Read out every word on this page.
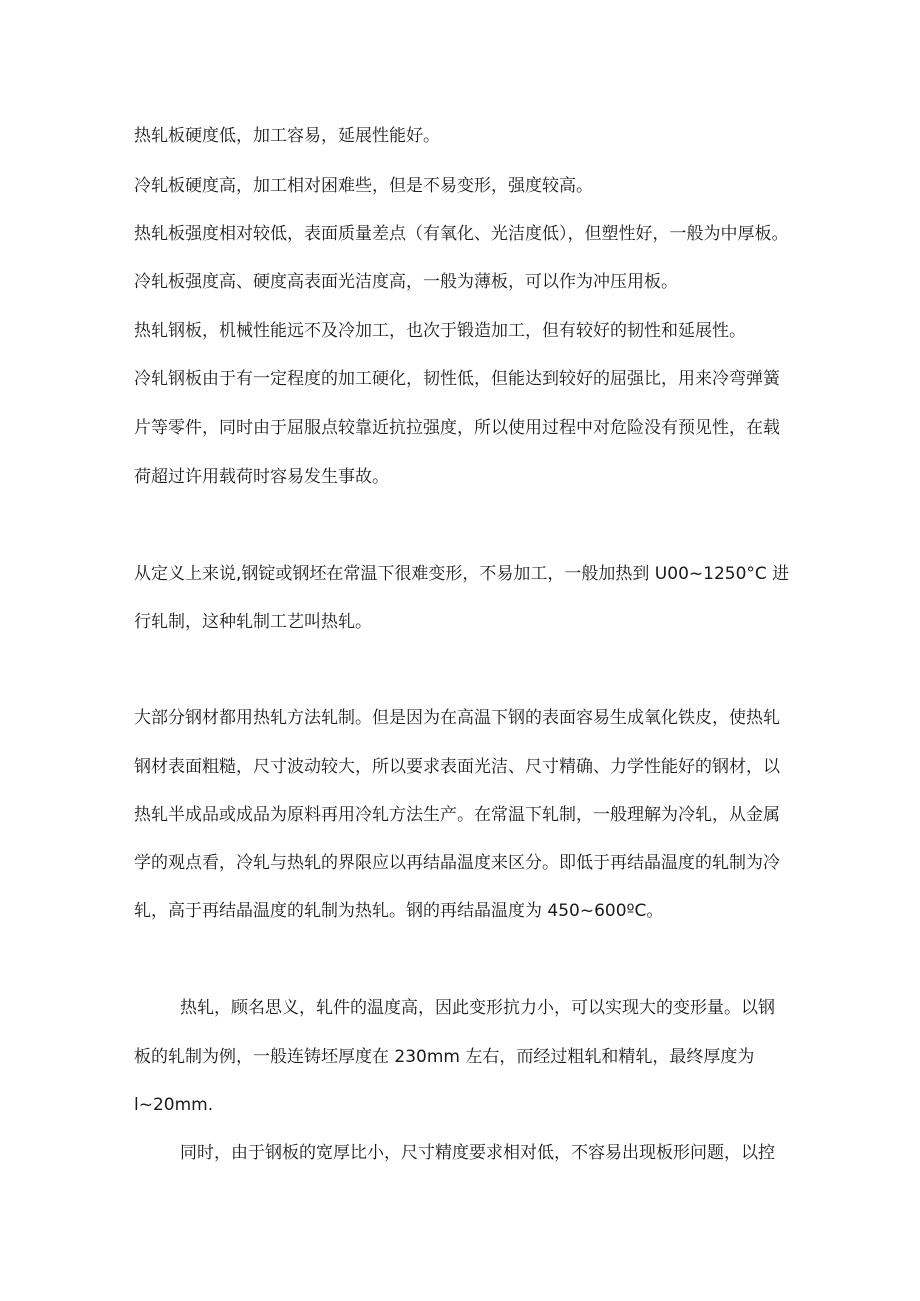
热轧板硬度低，加工容易，延展性能好。

冷轧板硬度高，加工相对困难些，但是不易变形，强度较高。

热轧板强度相对较低，表面质量差点（有氧化、光洁度低），但塑性好，一般为中厚板。

冷轧板强度高、硬度高表面光洁度高，一般为薄板，可以作为冲压用板。

热轧钢板，机械性能远不及冷加工，也次于锻造加工，但有较好的韧性和延展性。

冷轧钢板由于有一定程度的加工硬化，韧性低，但能达到较好的屈强比，用来冷弯弹簧

片等零件，同时由于屈服点较靠近抗拉强度，所以使用过程中对危险没有预见性，在载

荷超过许用载荷时容易发生事故。

从定义上来说,钢锭或钢坯在常温下很难变形，不易加工，一般加热到 U00~1250°C 进

行轧制，这种轧制工艺叫热轧。

大部分钢材都用热轧方法轧制。但是因为在高温下钢的表面容易生成氧化铁皮，使热轧

钢材表面粗糙，尺寸波动较大，所以要求表面光洁、尺寸精确、力学性能好的钢材，以

热轧半成品或成品为原料再用冷轧方法生产。在常温下轧制，一般理解为冷轧，从金属

学的观点看，冷轧与热轧的界限应以再结晶温度来区分。即低于再结晶温度的轧制为冷

轧，高于再结晶温度的轧制为热轧。钢的再结晶温度为 450~600ºC。

热轧，顾名思义，轧件的温度高，因此变形抗力小，可以实现大的变形量。以钢

板的轧制为例，一般连铸坯厚度在 230mm 左右，而经过粗轧和精轧，最终厚度为

l~20mm.

同时，由于钢板的宽厚比小，尺寸精度要求相对低，不容易出现板形问题，以控
